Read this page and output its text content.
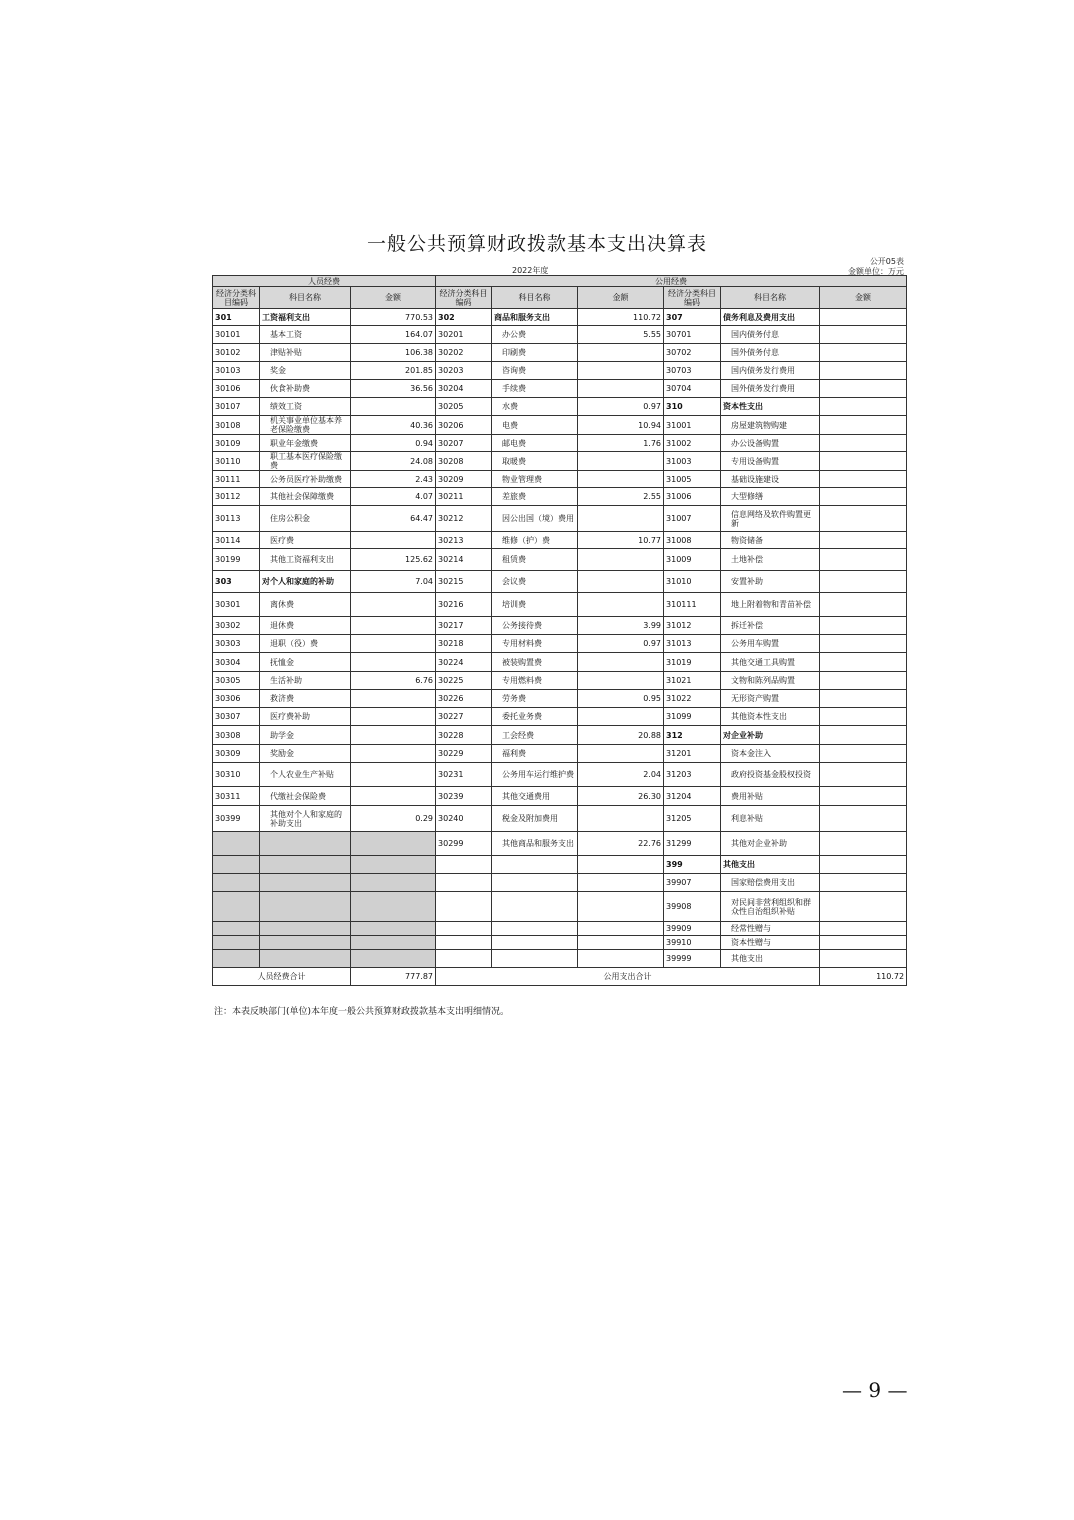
一般公共预算财政拨款基本支出决算表
公开05表
2022年度	金额单位：万元
人员经费			公用经费					
经济分类科目编码	科目名称	金额	经济分类科目编码	科目名称	金额	经济分类科目编码	科目名称	金额
301	工资福利支出	770.53	302	商品和服务支出	110.72	307	债务利息及费用支出	
30101	基本工资	164.07	30201	办公费	5.55	30701	国内债务付息	
30102	津贴补贴	106.38	30202	印刷费		30702	国外债务付息	
30103	奖金	201.85	30203	咨询费		30703	国内债务发行费用	
30106	伙食补助费	36.56	30204	手续费		30704	国外债务发行费用	
30107	绩效工资		30205	水费	0.97	310	资本性支出	
30108	机关事业单位基本养老保险缴费	40.36	30206	电费	10.94	31001	房屋建筑物购建	
30109	职业年金缴费	0.94	30207	邮电费	1.76	31002	办公设备购置	
30110	职工基本医疗保险缴费	24.08	30208	取暖费		31003	专用设备购置	
30111	公务员医疗补助缴费	2.43	30209	物业管理费		31005	基础设施建设	
30112	其他社会保障缴费	4.07	30211	差旅费	2.55	31006	大型修缮	
30113	住房公积金	64.47	30212	因公出国（境）费用		31007	信息网络及软件购置更新	
30114	医疗费		30213	维修（护）费	10.77	31008	物资储备	
30199	其他工资福利支出	125.62	30214	租赁费		31009	土地补偿	
303	对个人和家庭的补助	7.04	30215	会议费		31010	安置补助	
30301	离休费		30216	培训费		310111	地上附着物和青苗补偿	
30302	退休费		30217	公务接待费	3.99	31012	拆迁补偿	
30303	退职（役）费		30218	专用材料费	0.97	31013	公务用车购置	
30304	抚恤金		30224	被装购置费		31019	其他交通工具购置	
30305	生活补助	6.76	30225	专用燃料费		31021	文物和陈列品购置	
30306	救济费		30226	劳务费	0.95	31022	无形资产购置	
30307	医疗费补助		30227	委托业务费		31099	其他资本性支出	
30308	助学金		30228	工会经费	20.88	312	对企业补助	
30309	奖励金		30229	福利费		31201	资本金注入	
30310	个人农业生产补贴		30231	公务用车运行维护费	2.04	31203	政府投资基金股权投资	
30311	代缴社会保险费		30239	其他交通费用	26.30	31204	费用补贴	
30399	其他对个人和家庭的补助支出	0.29	30240	税金及附加费用		31205	利息补贴	
			30299	其他商品和服务支出	22.76	31299	其他对企业补助	
						399	其他支出	
						39907	国家赔偿费用支出	
						39908	对民间非营利组织和群众性自治组织补贴	
						39909	经常性赠与	
						39910	资本性赠与	
						39999	其他支出	
人员经费合计		777.87	公用支出合计					110.72
注：本表反映部门(单位)本年度一般公共预算财政拨款基本支出明细情况。
— 9 —
